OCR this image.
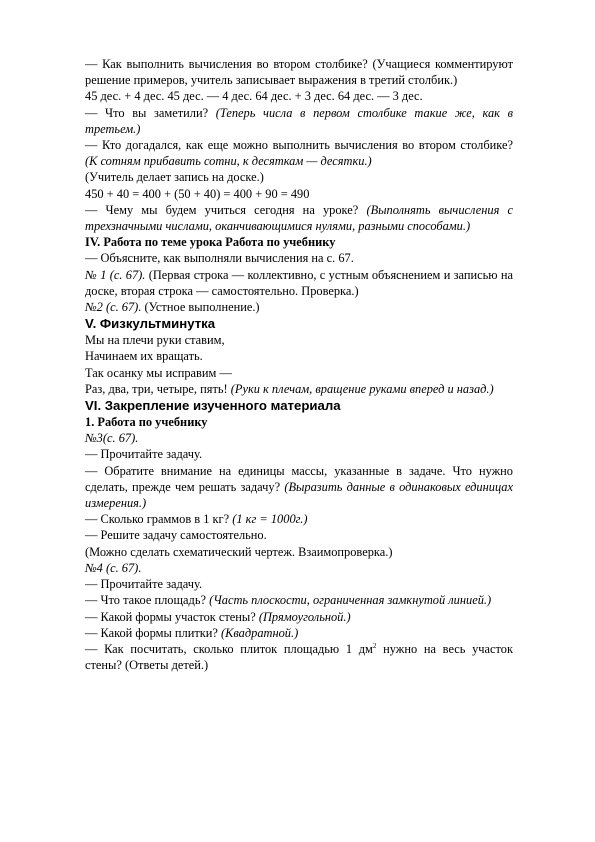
— Как выполнить вычисления во втором столбике? (Учащиеся комментируют решение примеров, учитель записывает выражения в третий столбик.)

45 дес. + 4 дес. 45 дес. — 4 дес. 64 дес. + 3 дес. 64 дес. — 3 дес.

— Что вы заметили? (Теперь числа в первом столбике такие же, как в третьем.)

— Кто догадался, как еще можно выполнить вычисления во втором столбике? (К сотням прибавить сотни, к десяткам — десятки.)

(Учитель делает запись на доске.)

450 + 40 = 400 + (50 + 40) = 400 + 90 = 490

— Чему мы будем учиться сегодня на уроке? (Выполнять вычисления с трехзначными числами, оканчивающимися нулями, разными способами.)

IV. Работа по теме урока Работа по учебнику

— Объясните, как выполняли вычисления на с. 67.

№ 1 (с. 67). (Первая строка — коллективно, с устным объяснением и записью на доске, вторая строка — самостоятельно. Проверка.)

№2 (с. 67). (Устное выполнение.)

V. Физкультминутка

Мы на плечи руки ставим,

Начинаем их вращать.

Так осанку мы исправим —

Раз, два, три, четыре, пять! (Руки к плечам, вращение руками вперед и назад.)

VI. Закрепление изученного материала

1. Работа по учебнику

№3(с. 67).

— Прочитайте задачу.

— Обратите внимание на единицы массы, указанные в задаче. Что нужно сделать, прежде чем решать задачу? (Выразить данные в одинаковых единицах измерения.)

— Сколько граммов в 1 кг? (1 кг = 1000г.)

— Решите задачу самостоятельно.

(Можно сделать схематический чертеж. Взаимопроверка.)

№4 (с. 67).

— Прочитайте задачу.

— Что такое площадь? (Часть плоскости, ограниченная замкнутой линией.)

— Какой формы участок стены? (Прямоугольной.)

— Какой формы плитки? (Квадратной.)

— Как посчитать, сколько плиток площадью 1 $дм^2$ нужно на весь участок стены? (Ответы детей.)
